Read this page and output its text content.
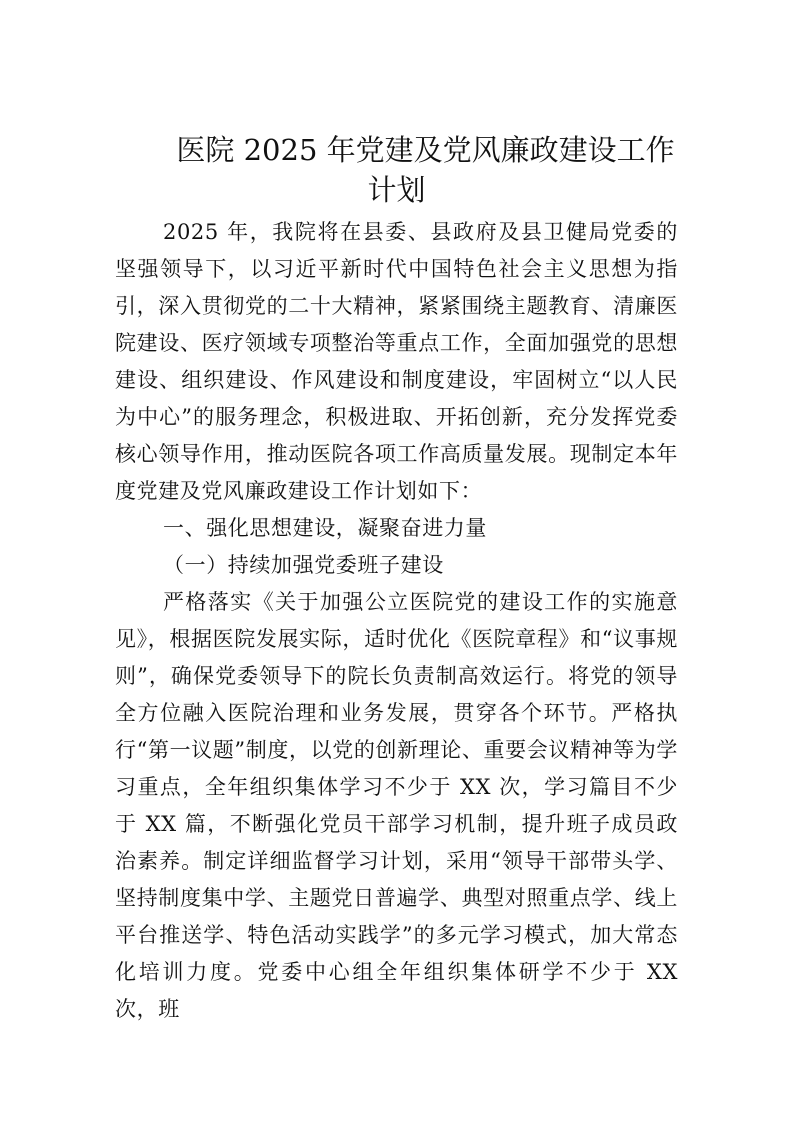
医院 2025 年党建及党风廉政建设工作计划

2025 年，我院将在县委、县政府及县卫健局党委的坚强领导下，以习近平新时代中国特色社会主义思想为指引，深入贯彻党的二十大精神，紧紧围绕主题教育、清廉医院建设、医疗领域专项整治等重点工作，全面加强党的思想建设、组织建设、作风建设和制度建设，牢固树立“以人民为中心”的服务理念，积极进取、开拓创新，充分发挥党委核心领导作用，推动医院各项工作高质量发展。现制定本年度党建及党风廉政建设工作计划如下：

一、强化思想建设，凝聚奋进力量

（一）持续加强党委班子建设

严格落实《关于加强公立医院党的建设工作的实施意见》，根据医院发展实际，适时优化《医院章程》和“议事规则”，确保党委领导下的院长负责制高效运行。将党的领导全方位融入医院治理和业务发展，贯穿各个环节。严格执行“第一议题”制度，以党的创新理论、重要会议精神等为学习重点，全年组织集体学习不少于 XX 次，学习篇目不少于 XX 篇，不断强化党员干部学习机制，提升班子成员政治素养。制定详细监督学习计划，采用“领导干部带头学、坚持制度集中学、主题党日普遍学、典型对照重点学、线上平台推送学、特色活动实践学”的多元学习模式，加大常态化培训力度。党委中心组全年组织集体研学不少于 XX 次，班
